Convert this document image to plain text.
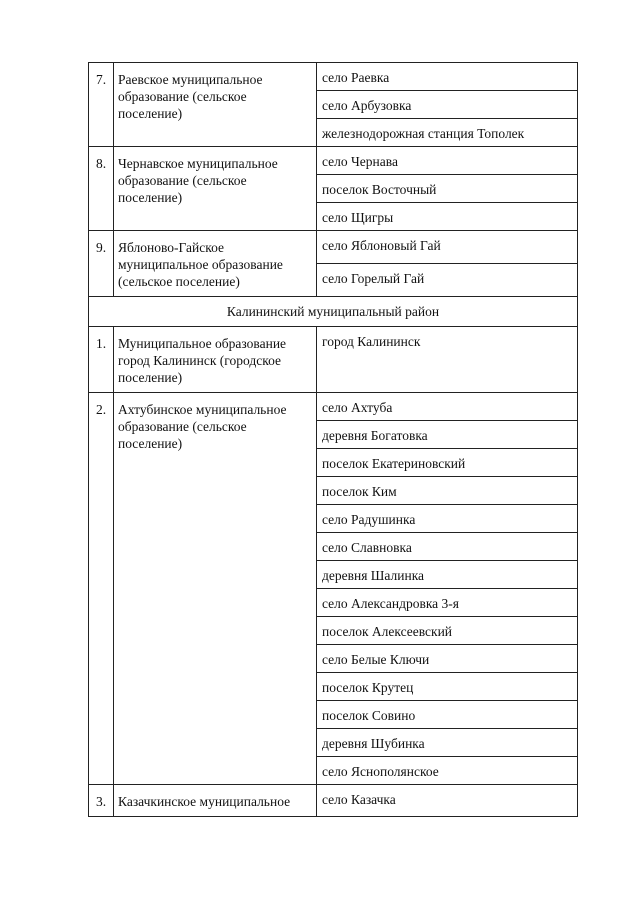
7.	Раевское муниципальное образование (сельское поселение)	село Раевка
		село Арбузовка
		железнодорожная станция Тополек
8.	Чернавское муниципальное образование (сельское поселение)	село Чернава
		поселок Восточный
		село Щигры
9.	Яблоново-Гайское муниципальное образование (сельское поселение)	село Яблоновый Гай
		село Горелый Гай
Калининский муниципальный район		
1.	Муниципальное образование город Калининск (городское поселение)	город Калининск
2.	Ахтубинское муниципальное образование (сельское поселение)	село Ахтуба
		деревня Богатовка
		поселок Екатериновский
		поселок Ким
		село Радушинка
		село Славновка
		деревня Шалинка
		село Александровка 3-я
		поселок Алексеевский
		село Белые Ключи
		поселок Крутец
		поселок Совино
		деревня Шубинка
		село Яснополянское
3.	Казачкинское муниципальное	село Казачка
